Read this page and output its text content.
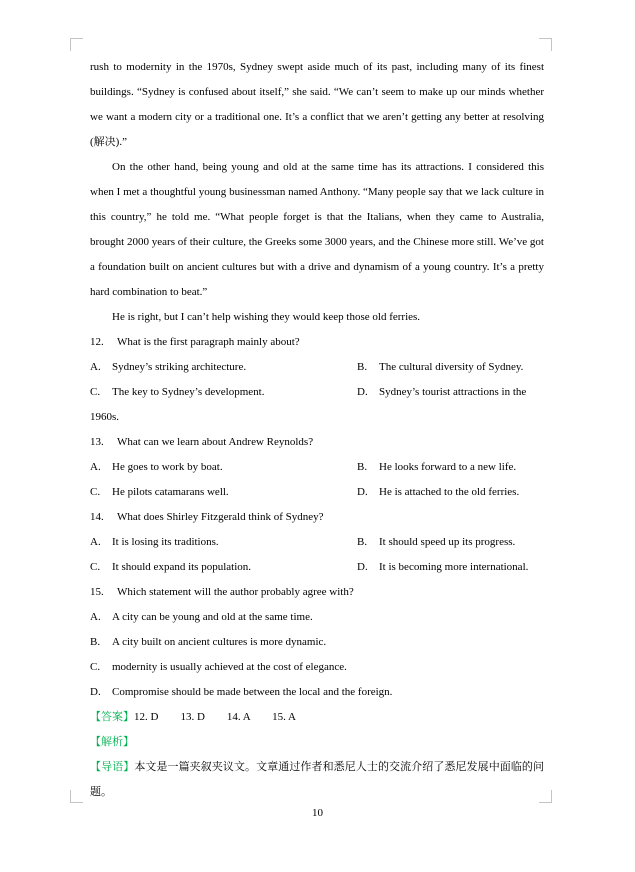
rush to modernity in the 1970s, Sydney swept aside much of its past, including many of its finest buildings. “Sydney is confused about itself,” she said. “We can’t seem to make up our minds whether we want a modern city or a traditional one. It’s a conflict that we aren’t getting any better at resolving (解决).”

On the other hand, being young and old at the same time has its attractions. I considered this when I met a thoughtful young businessman named Anthony. “Many people say that we lack culture in this country,” he told me. “What people forget is that the Italians, when they came to Australia, brought 2000 years of their culture, the Greeks some 3000 years, and the Chinese more still. We’ve got a foundation built on ancient cultures but with a drive and dynamism of a young country. It’s a pretty hard combination to beat.”

He is right, but I can’t help wishing they would keep those old ferries.

12. What is the first paragraph mainly about?
A. Sydney’s striking architecture.	B. The cultural diversity of Sydney.
C. The key to Sydney’s development.	D. Sydney’s tourist attractions in the
1960s.
13. What can we learn about Andrew Reynolds?
A. He goes to work by boat.	B. He looks forward to a new life.
C. He pilots catamarans well.	D. He is attached to the old ferries.
14. What does Shirley Fitzgerald think of Sydney?
A. It is losing its traditions.	B. It should speed up its progress.
C. It should expand its population.	D. It is becoming more international.
15. Which statement will the author probably agree with?
A. A city can be young and old at the same time.
B. A city built on ancient cultures is more dynamic.
C. modernity is usually achieved at the cost of elegance.
D. Compromise should be made between the local and the foreign.
【答案】12. D　　13. D　　14. A　　15. A
【解析】

【导语】本文是一篇夹叙夹议文。文章通过作者和悉尼人士的交流介绍了悉尼发展中面临的问题。

10
